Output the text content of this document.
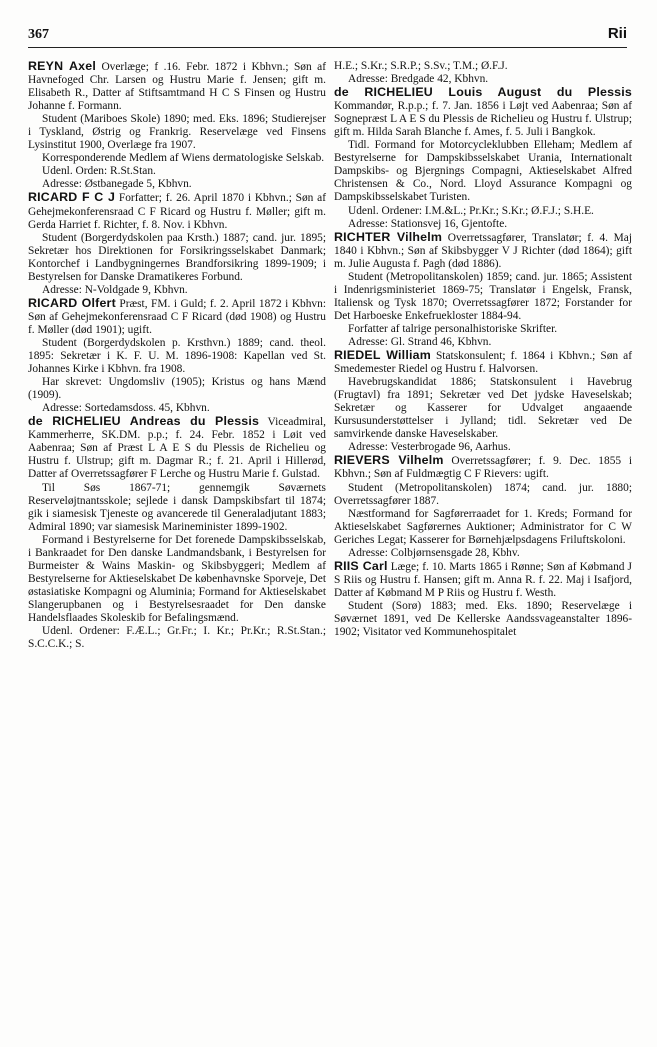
367	Rii
REYN Axel Overlæge; f .16. Febr. 1872 i Kbhvn.; Søn af Havnefoged Chr. Larsen og Hustru Marie f. Jensen; gift m. Elisabeth R., Datter af Stiftsamtmand H C S Finsen og Hustru Johanne f. Formann.
Student (Mariboes Skole) 1890; med. Eks. 1896; Studierejser i Tyskland, Østrig og Frankrig. Reservelæge ved Finsens Lysinstitut 1900, Overlæge fra 1907.
Korresponderende Medlem af Wiens dermatologiske Selskab.
Udenl. Orden: R.St.Stan.
Adresse: Østbanegade 5, Kbhvn.
RICARD F C J Forfatter; f. 26. April 1870 i Kbhvn.; Søn af Gehejmekonferensraad C F Ricard og Hustru f. Møller; gift m. Gerda Harriet f. Richter, f. 8. Nov. i Kbhvn.
Student (Borgerdydskolen paa Krsth.) 1887; cand. jur. 1895; Sekretær hos Direktionen for Forsikringsselskabet Danmark; Kontorchef i Landbygningernes Brandforsikring 1899-1909; i Bestyrelsen for Danske Dramatikeres Forbund.
Adresse: N-Voldgade 9, Kbhvn.
RICARD Olfert Præst, FM. i Guld; f. 2. April 1872 i Kbhvn: Søn af Gehejmekonferensraad C F Ricard (død 1908) og Hustru f. Møller (død 1901); ugift.
Student (Borgerdydskolen p. Krsthvn.) 1889; cand. theol. 1895: Sekretær i K. F. U. M. 1896-1908: Kapellan ved St. Johannes Kirke i Kbhvn. fra 1908.
Har skrevet: Ungdomsliv (1905); Kristus og hans Mænd (1909).
Adresse: Sortedamsdoss. 45, Kbhvn.
de RICHELIEU Andreas du Plessis Viceadmiral, Kammerherre, SK.DM. p.p.; f. 24. Febr. 1852 i Løit ved Aabenraa; Søn af Præst L A E S du Plessis de Richelieu og Hustru f. Ulstrup; gift m. Dagmar R.; f. 21. April i Hillerød, Datter af Overretssagfører F Lerche og Hustru Marie f. Gulstad.
Til Søs 1867-71; gennemgik Søværnets Reserveløjtnantsskole; sejlede i dansk Dampskibsfart til 1874; gik i siamesisk Tjeneste og avancerede til Generaladjutant 1883; Admiral 1890; var siamesisk Marineminister 1899-1902.
Formand i Bestyrelserne for Det forenede Dampskibsselskab, i Bankraadet for Den danske Landmandsbank, i Bestyrelsen for Burmeister & Wains Maskin- og Skibsbyggeri; Medlem af Bestyrelserne for Aktieselskabet De københavnske Sporveje, Det østasiatiske Kompagni og Aluminia; Formand for Aktieselskabet Slangerupbanen og i Bestyrelsesraadet for Den danske Handelsflaades Skoleskib for Befalingsmænd.
Udenl. Ordener: F.Æ.L.; Gr.Fr.; I. Kr.; Pr.Kr.; R.St.Stan.; S.C.C.K.; S.
H.E.; S.Kr.; S.R.P.; S.Sv.; T.M.; Ø.F.J.
Adresse: Bredgade 42, Kbhvn.
de RICHELIEU Louis August du Plessis Kommandør, R.p.p.; f. 7. Jan. 1856 i Løjt ved Aabenraa; Søn af Sognepræst L A E S du Plessis de Richelieu og Hustru f. Ulstrup; gift m. Hilda Sarah Blanche f. Ames, f. 5. Juli i Bangkok.
Tidl. Formand for Motorcycleklubben Elleham; Medlem af Bestyrelserne for Dampskibsselskabet Urania, Internationalt Dampskibs- og Bjergnings Compagni, Aktieselskabet Alfred Christensen & Co., Nord. Lloyd Assurance Kompagni og Dampskibsselskabet Turisten.
Udenl. Ordener: I.M.&L.; Pr.Kr.; S.Kr.; Ø.F.J.; S.H.E.
Adresse: Stationsvej 16, Gjentofte.
RICHTER Vilhelm Overretssagfører, Translatør; f. 4. Maj 1840 i Kbhvn.; Søn af Skibsbygger V J Richter (død 1864); gift m. Julie Augusta f. Pagh (død 1886).
Student (Metropolitanskolen) 1859; cand. jur. 1865; Assistent i Indenrigsministeriet 1869-75; Translatør i Engelsk, Fransk, Italiensk og Tysk 1870; Overretssagfører 1872; Forstander for Det Harboeske Enkefruekloster 1884-94.
Forfatter af talrige personalhistoriske Skrifter.
Adresse: Gl. Strand 46, Kbhvn.
RIEDEL William Statskonsulent; f. 1864 i Kbhvn.; Søn af Smedemester Riedel og Hustru f. Halvorsen.
Havebrugskandidat 1886; Statskonsulent i Havebrug (Frugtavl) fra 1891; Sekretær ved Det jydske Haveselskab; Sekretær og Kasserer for Udvalget angaaende Kursusunderstøttelser i Jylland; tidl. Sekretær ved De samvirkende danske Haveselskaber.
Adresse: Vesterbrogade 96, Aarhus.
RIEVERS Vilhelm Overretssagfører; f. 9. Dec. 1855 i Kbhvn.; Søn af Fuldmægtig C F Rievers: ugift.
Student (Metropolitanskolen) 1874; cand. jur. 1880; Overretssagfører 1887.
Næstformand for Sagførerraadet for 1. Kreds; Formand for Aktieselskabet Sagførernes Auktioner; Administrator for C W Geriches Legat; Kasserer for Børnehjælpsdagens Friluftskoloni.
Adresse: Colbjørnsensgade 28, Kbhv.
RIIS Carl Læge; f. 10. Marts 1865 i Rønne; Søn af Købmand J S Riis og Hustru f. Hansen; gift m. Anna R. f. 22. Maj i Isafjord, Datter af Købmand M P Riis og Hustru f. Westh.
Student (Sorø) 1883; med. Eks. 1890; Reservelæge i Søværnet 1891, ved De Kellerske Aandssvageanstalter 1896-1902; Visitator ved Kommunehospitalet
